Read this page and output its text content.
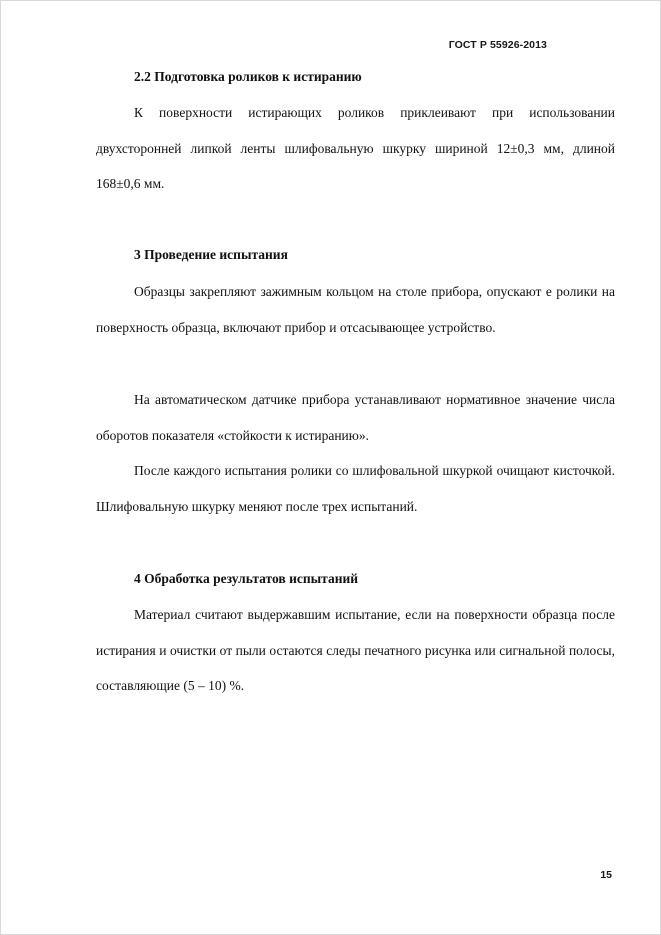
ГОСТ Р 55926-2013
2.2 Подготовка роликов к истиранию

К поверхности истирающих роликов приклеивают при использовании двухсторонней липкой ленты шлифовальную шкурку шириной 12±0,3 мм, длиной 168±0,6 мм.

3 Проведение испытания

Образцы закрепляют зажимным кольцом на столе прибора, опускают е ролики на поверхность образца, включают прибор и отсасывающее устройство.

На автоматическом датчике прибора устанавливают нормативное значение числа оборотов показателя «стойкости к истиранию».

После каждого испытания ролики со шлифовальной шкуркой очищают кисточкой. Шлифовальную шкурку меняют после трех испытаний.

4 Обработка результатов испытаний

Материал считают выдержавшим испытание, если на поверхности образца после истирания и очистки от пыли остаются следы печатного рисунка или сигнальной полосы, составляющие (5 – 10) %.

15
